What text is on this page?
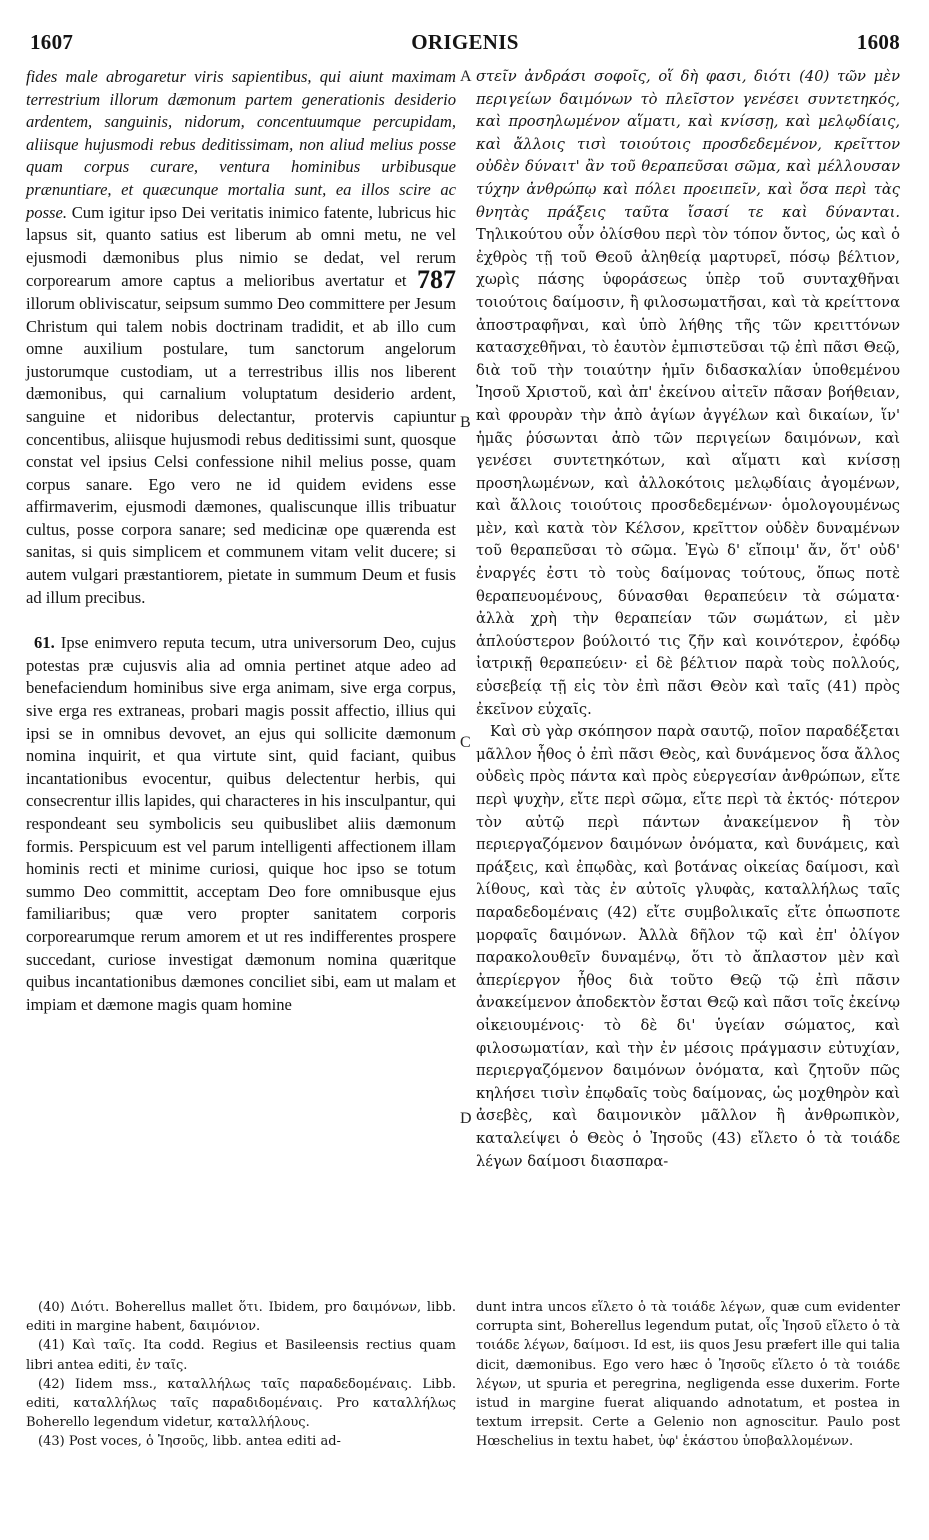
1607	ORIGENIS	1608
A
B
C
D

fides male abrogaretur viris sapientibus, qui aiunt maximam terrestrium illorum dæmonum partem generationis desiderio ardentem, sanguinis, nidorum, concentuumque percupidam, aliisque hujusmodi rebus deditissimam, non aliud melius posse quam corpus curare, ventura hominibus urbibusque prænuntiare, et quæcunque mortalia sunt, ea illos scire ac posse. Cum igitur ipso Dei veritatis inimico fatente, lubricus hic lapsus sit, quanto satius est liberum ab omni metu, ne vel ejusmodi dæmonibus plus nimio se dedat, vel rerum corporearum amore captus a melioribus avertatur et 787 illorum obliviscatur, seipsum summo Deo committere per Jesum Christum qui talem nobis doctrinam tradidit, et ab illo cum omne auxilium postulare, tum sanctorum angelorum justorumque custodiam, ut a terrestribus illis nos liberent dæmonibus, qui carnalium voluptatum desiderio ardent, sanguine et nidoribus delectantur, protervis capiuntur concentibus, aliisque hujusmodi rebus deditissimi sunt, quosque constat vel ipsius Celsi confessione nihil melius posse, quam corpus sanare. Ego vero ne id quidem evidens esse affirmaverim, ejusmodi dæmones, qualiscunque illis tribuatur cultus, posse corpora sanare; sed medicinæ ope quærenda est sanitas, si quis simplicem et communem vitam velit ducere; si autem vulgari præstantiorem, pietate in summum Deum et fusis ad illum precibus.

61. Ipse enimvero reputa tecum, utra universorum Deo, cujus potestas præ cujusvis alia ad omnia pertinet atque adeo ad benefaciendum hominibus sive erga animam, sive erga corpus, sive erga res extraneas, probari magis possit affectio, illius qui ipsi se in omnibus devovet, an ejus qui sollicite dæmonum nomina inquirit, et qua virtute sint, quid faciant, quibus incantationibus evocentur, quibus delectentur herbis, qui consecrentur illis lapides, qui characteres in his insculpantur, qui respondeant seu symbolicis seu quibuslibet aliis dæmonum formis. Perspicuum est vel parum intelligenti affectionem illam hominis recti et minime curiosi, quique hoc ipso se totum summo Deo committit, acceptam Deo fore omnibusque ejus familiaribus; quæ vero propter sanitatem corporis corporearumque rerum amorem et ut res indifferentes prospere succedant, curiose investigat dæmonum nomina quæritque quibus incantationibus dæmones conciliet sibi, eam ut malam et impiam et dæmone magis quam homine

στεῖν ἀνδράσι σοφοῖς, οἵ δὴ φασι, διότι (40) τῶν μὲν περιγείων δαιμόνων τὸ πλεῖστον γενέσει συντετηκός, καὶ προσηλωμένον αἵματι, καὶ κνίσσῃ, καὶ μελῳδίαις, καὶ ἄλλοις τισὶ τοιούτοις προσδεδεμένον, κρεῖττον οὐδὲν δύναιτ' ἂν τοῦ θεραπεῦσαι σῶμα, καὶ μέλλουσαν τύχην ἀνθρώπῳ καὶ πόλει προειπεῖν, καὶ ὅσα περὶ τὰς θνητὰς πράξεις ταῦτα ἴσασί τε καὶ δύνανται. Τηλικούτου οὖν ὀλίσθου περὶ τὸν τόπον ὄντος, ὡς καὶ ὁ ἐχθρὸς τῇ τοῦ Θεοῦ ἀληθείᾳ μαρτυρεῖ, πόσῳ βέλτιον, χωρὶς πάσης ὑφοράσεως ὑπὲρ τοῦ συνταχθῆναι τοιούτοις δαίμοσιν, ἢ φιλοσωματῆσαι, καὶ τὰ κρείττονα ἀποστραφῆναι, καὶ ὑπὸ λήθης τῆς τῶν κρειττόνων κατασχεθῆναι, τὸ ἑαυτὸν ἐμπιστεῦσαι τῷ ἐπὶ πᾶσι Θεῷ, διὰ τοῦ τὴν τοιαύτην ἡμῖν διδασκαλίαν ὑποθεμένου Ἰησοῦ Χριστοῦ, καὶ ἀπ' ἐκείνου αἰτεῖν πᾶσαν βοήθειαν, καὶ φρουρὰν τὴν ἀπὸ ἁγίων ἀγγέλων καὶ δικαίων, ἵν' ἡμᾶς ῥύσωνται ἀπὸ τῶν περιγείων δαιμόνων, καὶ γενέσει συντετηκότων, καὶ αἵματι καὶ κνίσσῃ προσηλωμένων, καὶ ἀλλοκότοις μελῳδίαις ἀγομένων, καὶ ἄλλοις τοιούτοις προσδεδεμένων· ὁμολογουμένως μὲν, καὶ κατὰ τὸν Κέλσον, κρεῖττον οὐδὲν δυναμένων τοῦ θεραπεῦσαι τὸ σῶμα. Ἐγὼ δ' εἴποιμ' ἄν, ὅτ' οὐδ' ἐναργές ἐστι τὸ τοὺς δαίμονας τούτους, ὅπως ποτὲ θεραπευομένους, δύνασθαι θεραπεύειν τὰ σώματα· ἀλλὰ χρὴ τὴν θεραπείαν τῶν σωμάτων, εἰ μὲν ἁπλούστερον βούλοιτό τις ζῆν καὶ κοινότερον, ἐφόδῳ ἰατρικῇ θεραπεύειν· εἰ δὲ βέλτιον παρὰ τοὺς πολλούς, εὐσεβείᾳ τῇ εἰς τὸν ἐπὶ πᾶσι Θεὸν καὶ ταῖς (41) πρὸς ἐκεῖνον εὐχαῖς.

Καὶ σὺ γὰρ σκόπησον παρὰ σαυτῷ, ποῖον παραδέξεται μᾶλλον ἦθος ὁ ἐπὶ πᾶσι Θεὸς, καὶ δυνάμενος ὅσα ἄλλος οὐδεὶς πρὸς πάντα καὶ πρὸς εὐεργεσίαν ἀνθρώπων, εἴτε περὶ ψυχὴν, εἴτε περὶ σῶμα, εἴτε περὶ τὰ ἐκτός· πότερον τὸν αὐτῷ περὶ πάντων ἀνακείμενον ἢ τὸν περιεργαζόμενον δαιμόνων ὀνόματα, καὶ δυνάμεις, καὶ πράξεις, καὶ ἐπῳδὰς, καὶ βοτάνας οἰκείας δαίμοσι, καὶ λίθους, καὶ τὰς ἐν αὐτοῖς γλυφὰς, καταλλήλως ταῖς παραδεδομέναις (42) εἴτε συμβολικαῖς εἴτε ὁπωσποτε μορφαῖς δαιμόνων. Ἀλλὰ δῆλον τῷ καὶ ἐπ' ὀλίγον παρακολουθεῖν δυναμένῳ, ὅτι τὸ ἄπλαστον μὲν καὶ ἀπερίεργον ἦθος διὰ τοῦτο Θεῷ τῷ ἐπὶ πᾶσιν ἀνακείμενον ἀποδεκτὸν ἔσται Θεῷ καὶ πᾶσι τοῖς ἐκείνῳ οἰκειουμένοις· τὸ δὲ δι' ὑγείαν σώματος, καὶ φιλοσωματίαν, καὶ τὴν ἐν μέσοις πράγμασιν εὐτυχίαν, περιεργαζόμενον δαιμόνων ὀνόματα, καὶ ζητοῦν πῶς κηλήσει τισὶν ἐπῳδαῖς τοὺς δαίμονας, ὡς μοχθηρὸν καὶ ἀσεβὲς, καὶ δαιμονικὸν μᾶλλον ἢ ἀνθρωπικὸν, καταλείψει ὁ Θεὸς ὁ Ἰησοῦς (43) εἴλετο ὁ τὰ τοιάδε λέγων δαίμοσι διασπαρα-

(40) Διότι. Boherellus mallet ὅτι. Ibidem, pro δαιμόνων, libb. editi in margine habent, δαιμόνιον.

(41) Καὶ ταῖς. Ita codd. Regius et Basileensis rectius quam libri antea editi, ἐν ταῖς.

(42) Iidem mss., καταλλήλως ταῖς παραδεδομέναις. Libb. editi, καταλλήλως ταῖς παραδιδομέναις. Pro καταλλήλως Boherello legendum videtur, καταλλήλους.

(43) Post voces, ὁ Ἰησοῦς, libb. antea editi ad-

dunt intra uncos εἵλετο ὁ τὰ τοιάδε λέγων, quæ cum evidenter corrupta sint, Boherellus legendum putat, οἷς Ἰησοῦ εἴλετο ὁ τὰ τοιάδε λέγων, δαίμοσι. Id est, iis quos Jesu præfert ille qui talia dicit, dæmonibus. Ego vero hæc ὁ Ἰησοῦς εἵλετο ὁ τὰ τοιάδε λέγων, ut spuria et peregrina, negligenda esse duxerim. Forte istud in margine fuerat aliquando adnotatum, et postea in textum irrepsit. Certe a Gelenio non agnoscitur. Paulo post Hœschelius in textu habet, ὑφ' ἑκάστου ὑποβαλλομένων.
